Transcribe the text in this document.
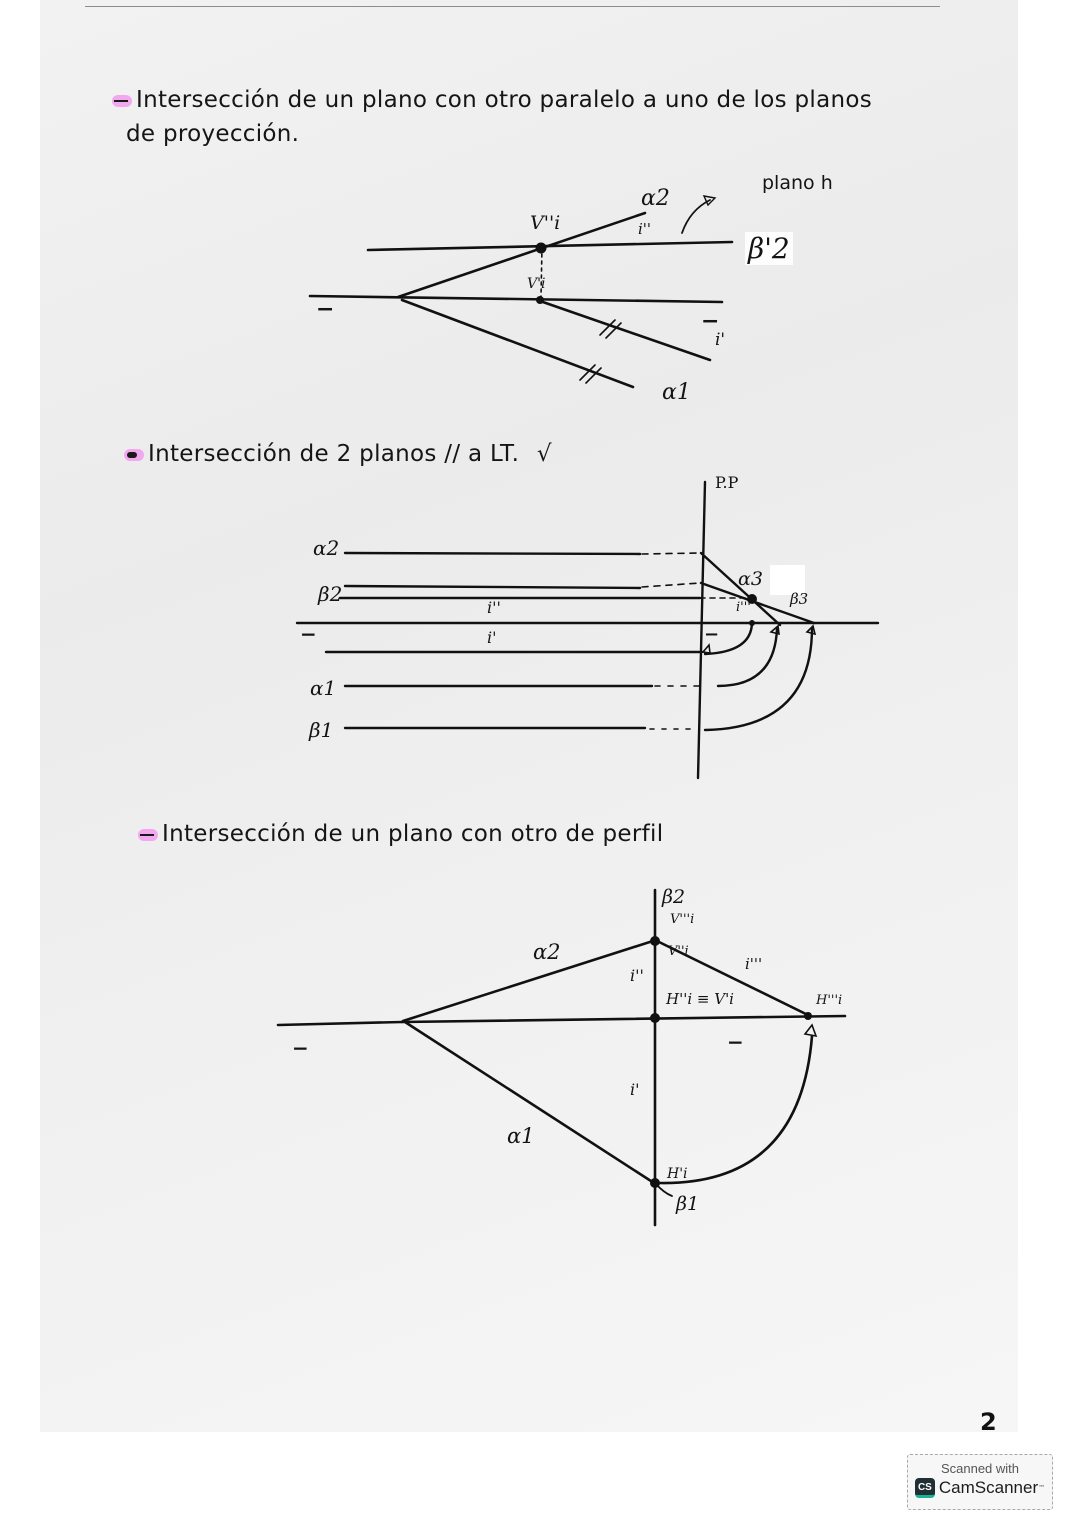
Intersección de un plano con otro paralelo a uno de los planos
de proyección.
V''i
α2
i''
plano h
β'2
V'i
−	−
i'
α1
Intersección de 2 planos // a LT. √
P.P
α2
β2
i''
−	i'
α1
β1
α3
β3
i'''
−
Intersección de un plano con otro de perfil
β2
V'''i
V''i
α2
i''
i'''
H''i ≡ V'i	H'''i
−	−
i'
α1
H'i
β1
2
Scanned with
CS CamScanner ™
